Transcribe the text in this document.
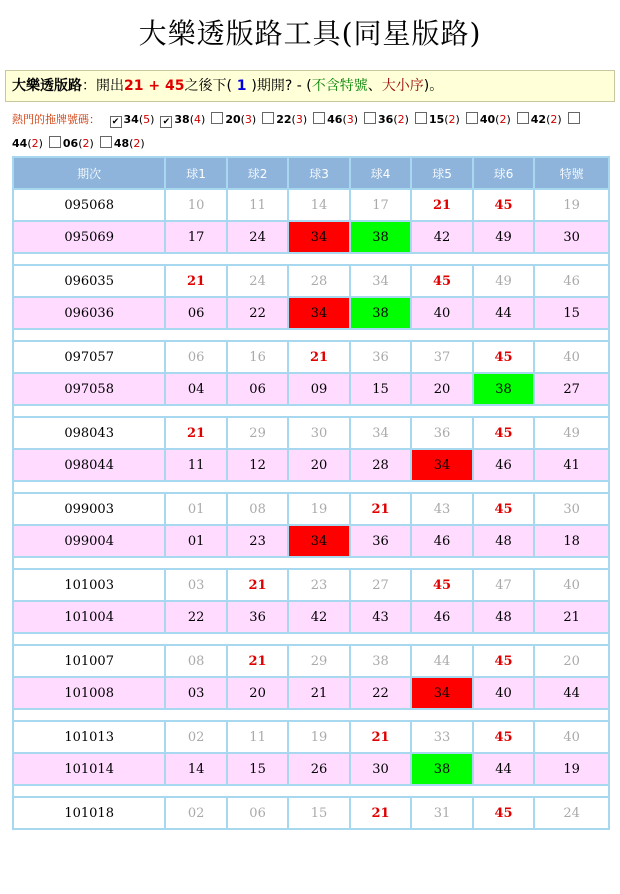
大樂透版路工具(同星版路)
大樂透版路：開出21 + 45之後下( 1 )期開? - (不含特號、大小序)。
熱門的拖牌號碼： ✔ 34(5) ✔ 38(4) 20(3) 22(3) 46(3) 36(2) 15(2) 40(2) 42(2)44(2) 06(2) 48(2)
期次	球1	球2	球3	球4	球5	球6	特號
095068	10	11	14	17	21	45	19
095069	17	24	34	38	42	49	30

096035	21	24	28	34	45	49	46
096036	06	22	34	38	40	44	15

097057	06	16	21	36	37	45	40
097058	04	06	09	15	20	38	27

098043	21	29	30	34	36	45	49
098044	11	12	20	28	34	46	41

099003	01	08	19	21	43	45	30
099004	01	23	34	36	46	48	18

101003	03	21	23	27	45	47	40
101004	22	36	42	43	46	48	21

101007	08	21	29	38	44	45	20
101008	03	20	21	22	34	40	44

101013	02	11	19	21	33	45	40
101014	14	15	26	30	38	44	19

101018	02	06	15	21	31	45	24
